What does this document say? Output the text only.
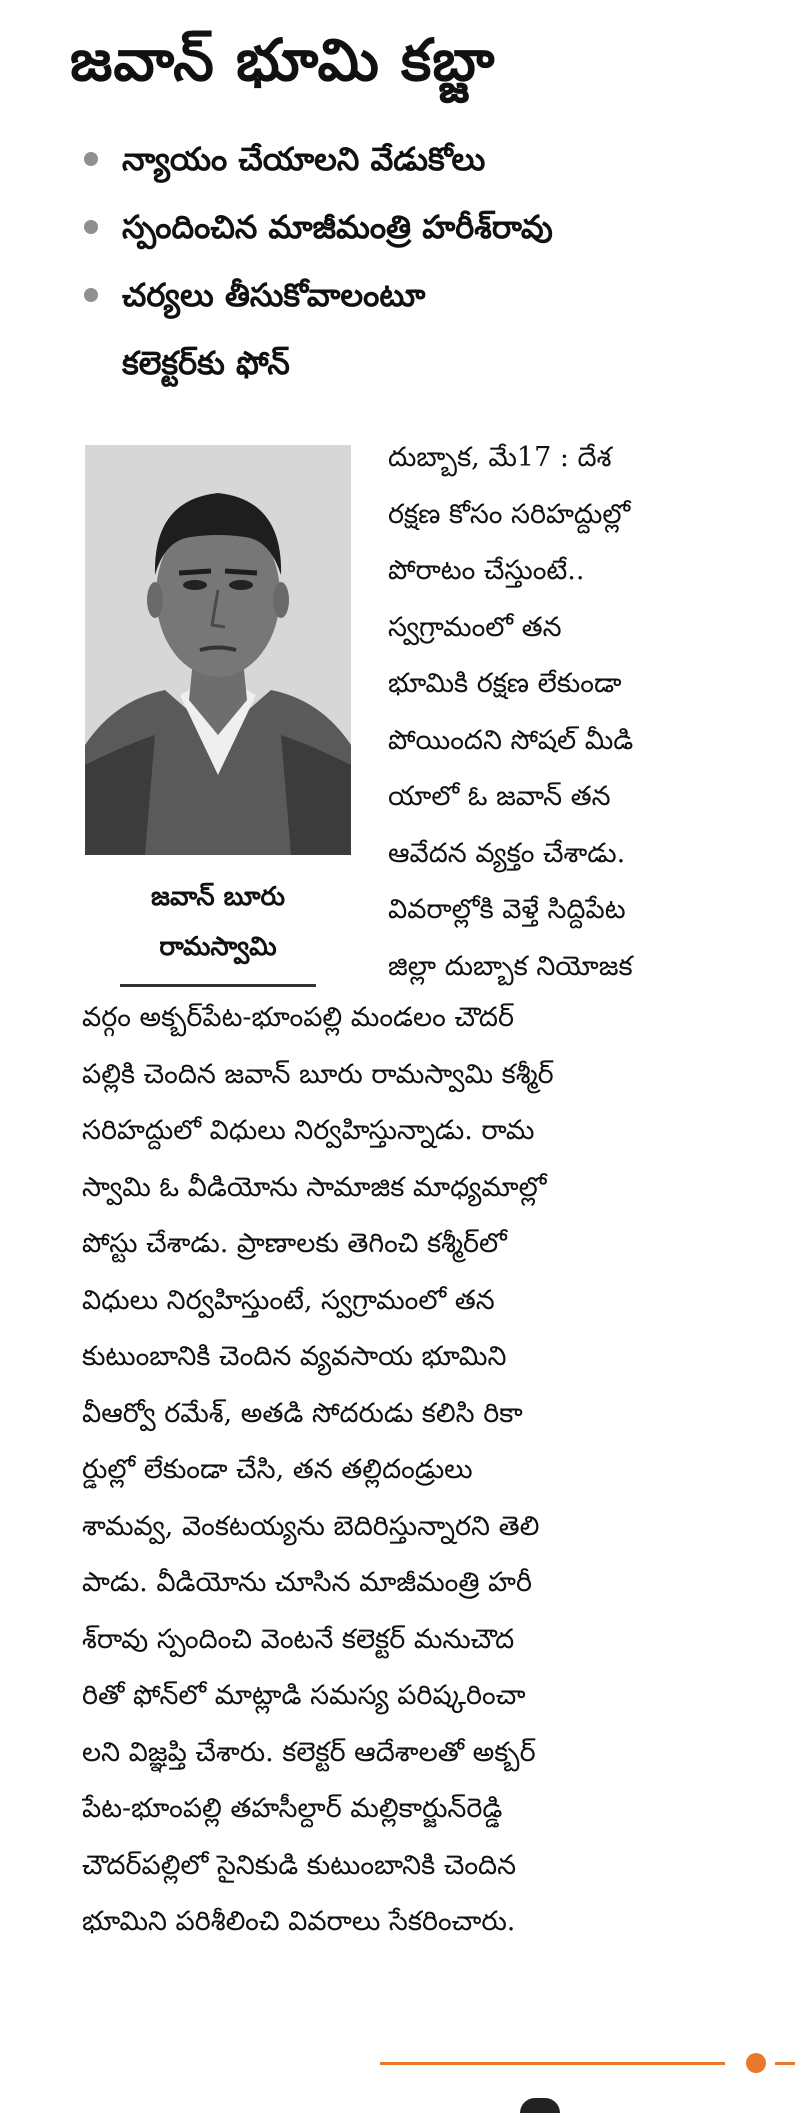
జవాన్ భూమి కబ్జా
న్యాయం చేయాలని వేడుకోలు
స్పందించిన మాజీమంత్రి హరీశ్‌రావు
చర్యలు తీసుకోవాలంటూ
కలెక్టర్‌కు ఫోన్
జవాన్ బూరు
రామస్వామి
దుబ్బాక, మే17 : దేశ
రక్షణ కోసం సరిహద్దుల్లో
పోరాటం చేస్తుంటే..
స్వగ్రామంలో తన
భూమికి రక్షణ లేకుండా
పోయిందని సోషల్ మీడి
యాలో ఓ జవాన్ తన
ఆవేదన వ్యక్తం చేశాడు.
వివరాల్లోకి వెళ్తే సిద్దిపేట
జిల్లా దుబ్బాక నియోజక
వర్గం అక్బర్‌పేట-భూంపల్లి మండలం చౌదర్
పల్లికి చెందిన జవాన్ బూరు రామస్వామి కశ్మీర్
సరిహద్దులో విధులు నిర్వహిస్తున్నాడు. రామ
స్వామి ఓ వీడియోను సామాజిక మాధ్యమాల్లో
పోస్టు చేశాడు. ప్రాణాలకు తెగించి కశ్మీర్‌లో
విధులు నిర్వహిస్తుంటే, స్వగ్రామంలో తన
కుటుంబానికి చెందిన వ్యవసాయ భూమిని
వీఆర్వో రమేశ్, అతడి సోదరుడు కలిసి రికా
ర్డుల్లో లేకుండా చేసి, తన తల్లిదండ్రులు
శామవ్వ, వెంకటయ్యను బెదిరిస్తున్నారని తెలి
పాడు. వీడియోను చూసిన మాజీమంత్రి హరీ
శ్‌రావు స్పందించి వెంటనే కలెక్టర్ మనుచౌద
రితో ఫోన్‌లో మాట్లాడి సమస్య పరిష్కరించా
లని విజ్ఞప్తి చేశారు. కలెక్టర్ ఆదేశాలతో అక్బర్
పేట-భూంపల్లి తహసీల్దార్ మల్లికార్జున్‌రెడ్డి
చౌదర్‌పల్లిలో సైనికుడి కుటుంబానికి చెందిన
భూమిని పరిశీలించి వివరాలు సేకరించారు.
